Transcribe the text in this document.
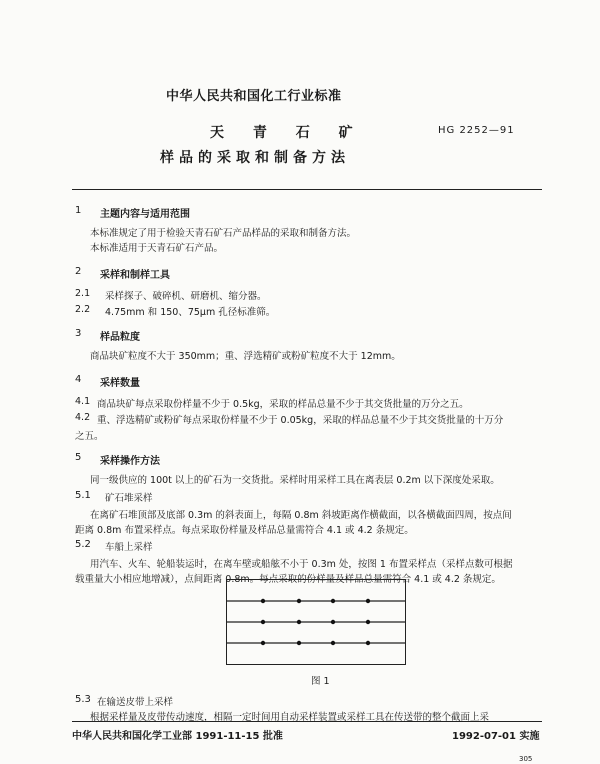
中华人民共和国化工行业标准
天 青 石 矿
样品的采取和制备方法
HG 2252—91
1 主题内容与适用范围
本标准规定了用于检验天青石矿石产品样品的采取和制备方法。
本标准适用于天青石矿石产品。
2 采样和制样工具
2.1 采样探子、破碎机、研磨机、缩分器。
2.2 4.75mm 和 150、75μm 孔径标准筛。
3 样品粒度
商品块矿粒度不大于 350mm；重、浮选精矿或粉矿粒度不大于 12mm。
4 采样数量
4.1 商品块矿每点采取份样量不少于 0.5kg，采取的样品总量不少于其交货批量的万分之五。
4.2 重、浮选精矿或粉矿每点采取份样量不少于 0.05kg，采取的样品总量不少于其交货批量的十万分
之五。
5 采样操作方法
同一级供应的 100t 以上的矿石为一交货批。采样时用采样工具在离表层 0.2m 以下深度处采取。
5.1 矿石堆采样
在离矿石堆顶部及底部 0.3m 的斜表面上，每隔 0.8m 斜坡距离作横截面，以各横截面四周，按点间
距离 0.8m 布置采样点。每点采取份样量及样品总量需符合 4.1 或 4.2 条规定。
5.2 车船上采样
用汽车、火车、轮船装运时，在离车壁或船舷不小于 0.3m 处，按图 1 布置采样点（采样点数可根据
载重量大小相应地增减），点间距离 0.8m。每点采取的份样量及样品总量需符合 4.1 或 4.2 条规定。
图 1
5.3 在输送皮带上采样
根据采样量及皮带传动速度，相隔一定时间用自动采样装置或采样工具在传送带的整个截面上采
中华人民共和国化学工业部 1991-11-15 批准	1992-07-01 实施
305
